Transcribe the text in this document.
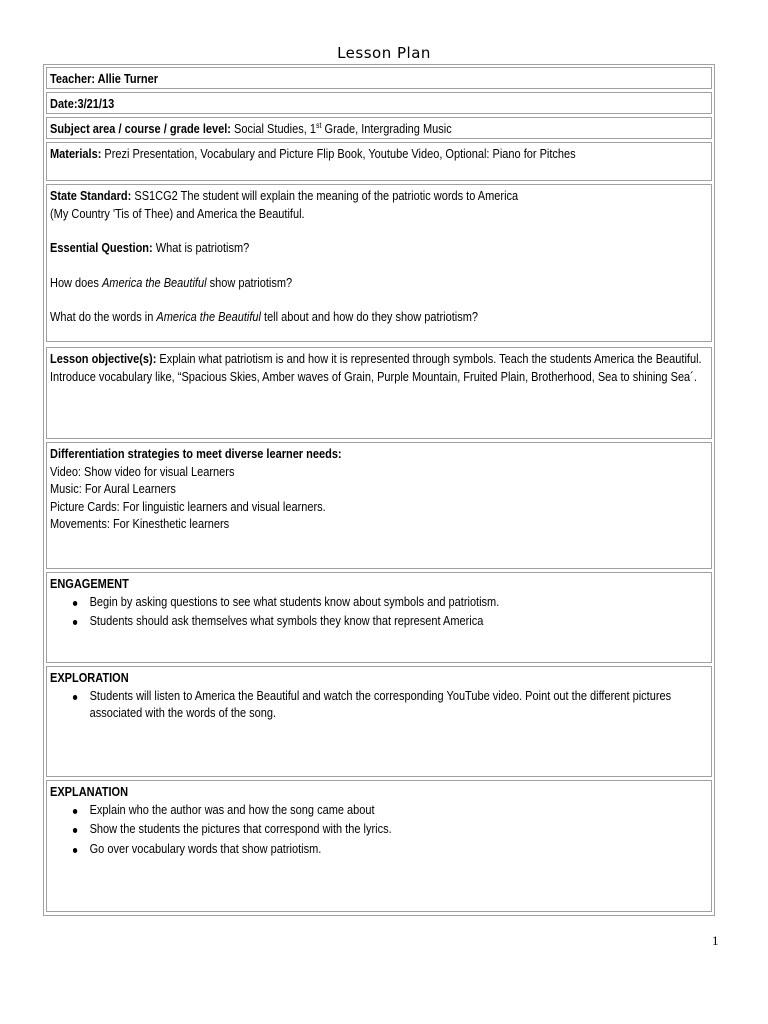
Lesson Plan
Teacher: Allie Turner
Date:3/21/13
Subject area / course / grade level: Social Studies, 1st Grade, Intergrading Music
Materials: Prezi Presentation, Vocabulary and Picture Flip Book, Youtube Video, Optional: Piano for Pitches

State Standard: SS1CG2 The student will explain the meaning of the patriotic words to America

(My Country 'Tis of Thee) and America the Beautiful.

Essential Question: What is patriotism?

How does America the Beautiful show patriotism?

What do the words in America the Beautiful tell about and how do they show patriotism?

Lesson objective(s): Explain what patriotism is and how it is represented through symbols. Teach the students America the Beautiful. Introduce vocabulary like, “Spacious Skies, Amber waves of Grain, Purple Mountain, Fruited Plain, Brotherhood, Sea to shining Sea´.

Differentiation strategies to meet diverse learner needs:

Video: Show video for visual Learners

Music: For Aural Learners

Picture Cards: For linguistic learners and visual learners.

Movements: For Kinesthetic learners

ENGAGEMENT

Begin by asking questions to see what students know about symbols and patriotism.
Students should ask themselves what symbols they know that represent America

EXPLORATION

Students will listen to America the Beautiful and watch the corresponding YouTube video. Point out the different pictures associated with the words of the song.

EXPLANATION

Explain who the author was and how the song came about
Show the students the pictures that correspond with the lyrics.
Go over vocabulary words that show patriotism.
1
